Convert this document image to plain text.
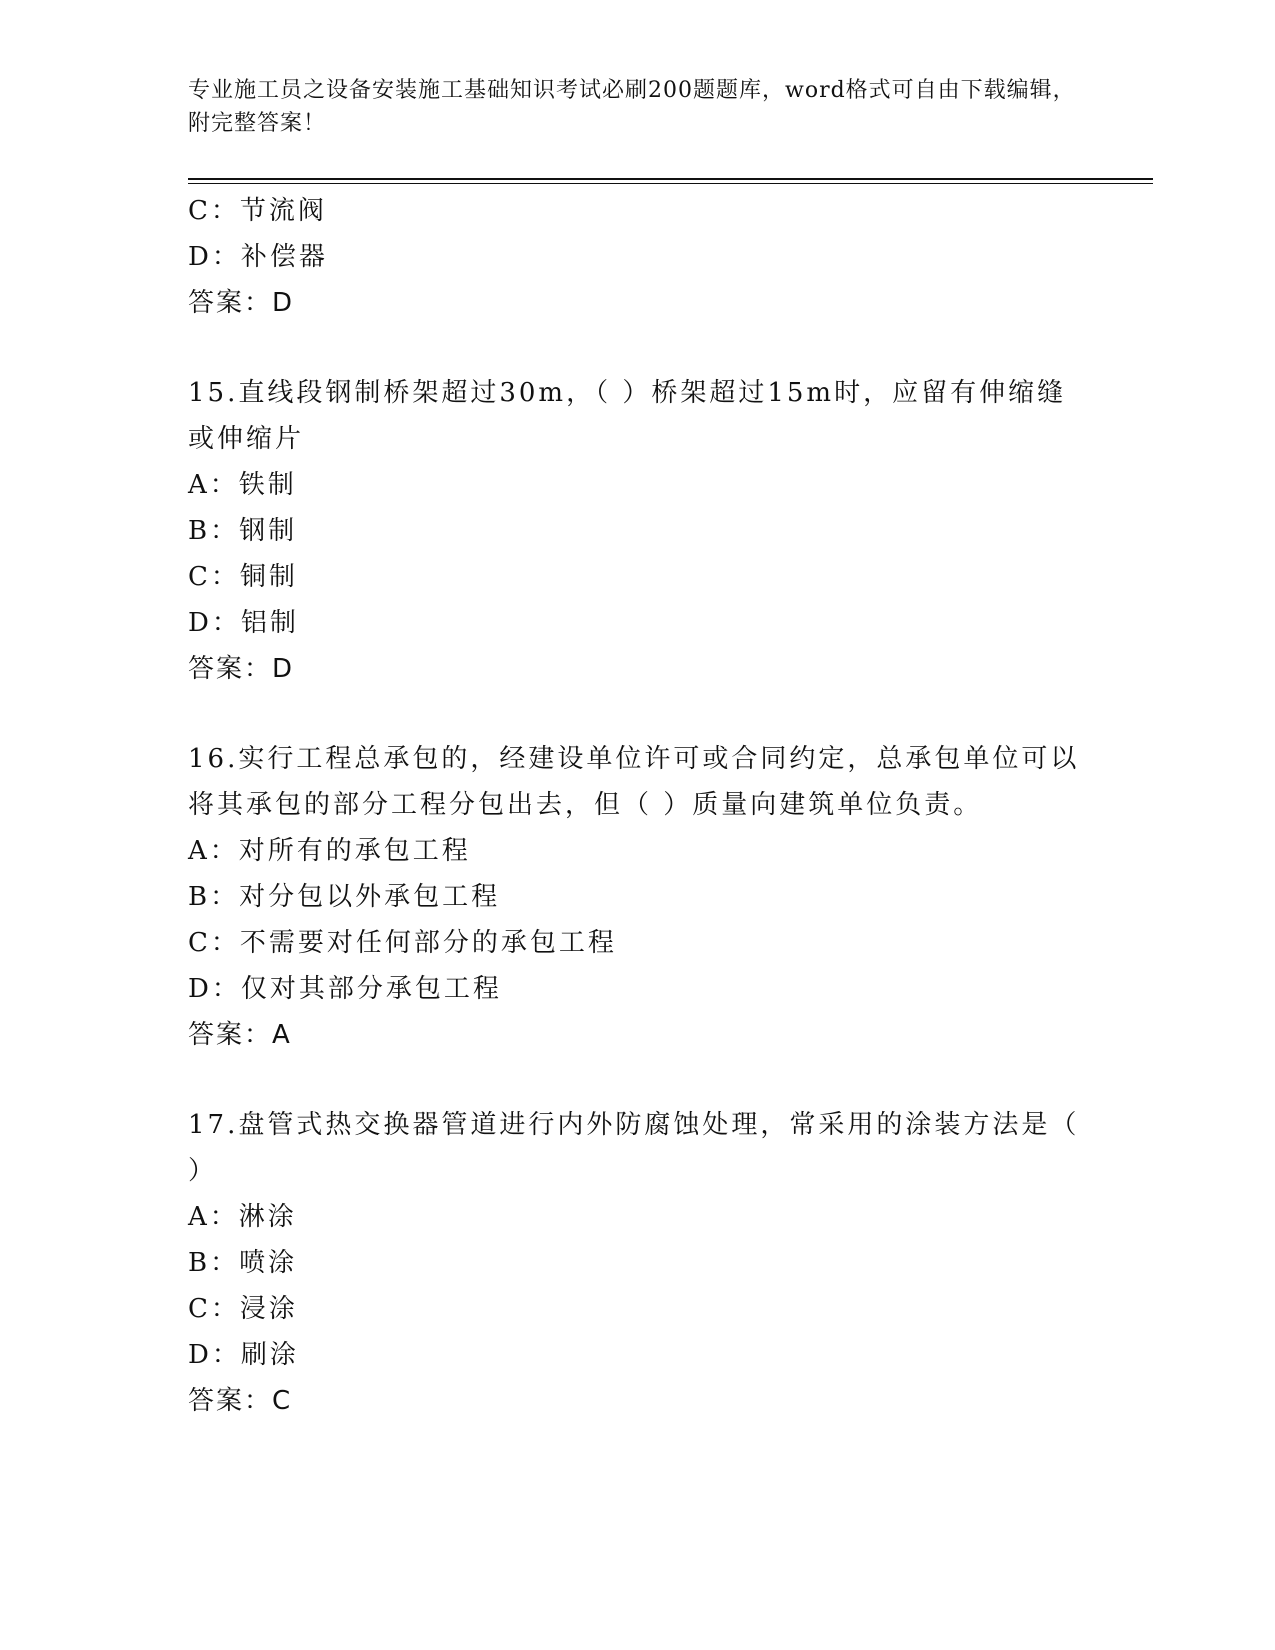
专业施工员之设备安装施工基础知识考试必刷200题题库，word格式可自由下载编辑，附完整答案！
C：节流阀
D：补偿器
答案：D
15.直线段钢制桥架超过30m，（ ）桥架超过15m时，应留有伸缩缝或伸缩片
A：铁制
B：钢制
C：铜制
D：铝制
答案：D
16.实行工程总承包的，经建设单位许可或合同约定，总承包单位可以将其承包的部分工程分包出去，但（ ）质量向建筑单位负责。
A：对所有的承包工程
B：对分包以外承包工程
C：不需要对任何部分的承包工程
D：仅对其部分承包工程
答案：A
17.盘管式热交换器管道进行内外防腐蚀处理，常采用的涂装方法是（ ）
A：淋涂
B：喷涂
C：浸涂
D：刷涂
答案：C
